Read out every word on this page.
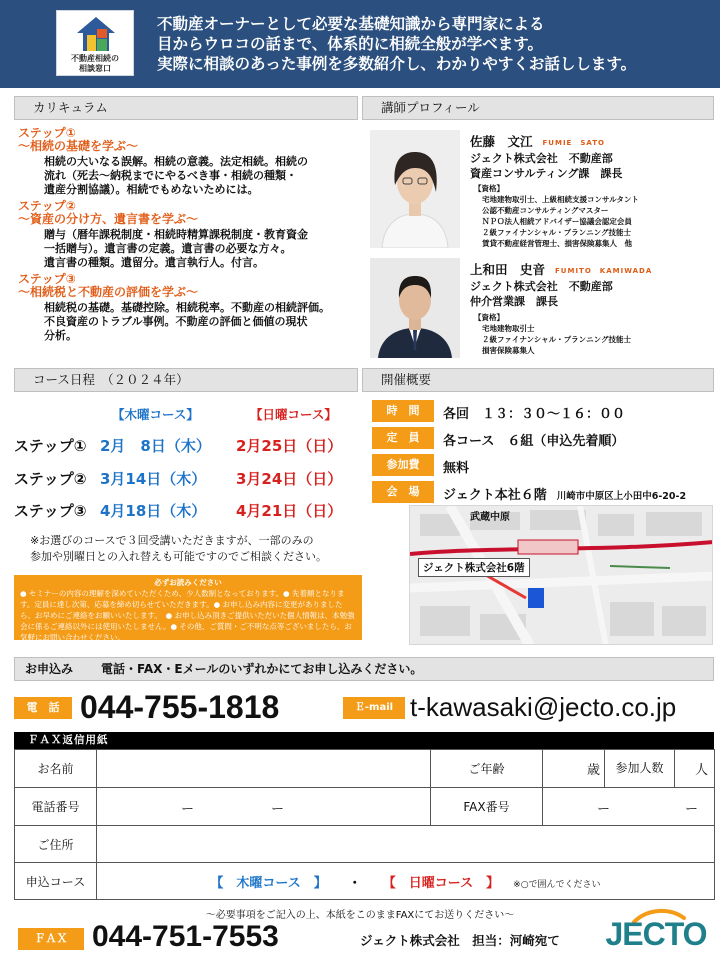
不動産相続の
相談窓口
不動産オーナーとして必要な基礎知識から専門家による
目からウロコの話まで、体系的に相続全般が学べます。
実際に相談のあった事例を多数紹介し、わかりやすくお話しします。
カリキュラム
ステップ①
～相続の基礎を学ぶ～
相続の大いなる誤解。相続の意義。法定相続。相続の
流れ（死去～納税までにやるべき事・相続の種類・
遺産分割協議）。相続でもめないためには。
ステップ②
～資産の分け方、遺言書を学ぶ～
贈与（暦年課税制度・相続時精算課税制度・教育資金
一括贈与）。遺言書の定義。遺言書の必要な方々。
遺言書の種類。遺留分。遺言執行人。付言。
ステップ③
～相続税と不動産の評価を学ぶ～
相続税の基礎。基礎控除。相続税率。不動産の相続評価。
不良資産のトラブル事例。不動産の評価と価値の現状
分析。
講師プロフィール
佐藤　文江 FUMIE　SATO
ジェクト株式会社　不動産部
資産コンサルティング課　課長
【資格】
宅地建物取引士、上級相続支援コンサルタント
公認不動産コンサルティングマスター
ＮＰＯ法人相続アドバイザー協議会認定会員
２級ファイナンシャル・プランニング技能士
賃貸不動産経営管理士、損害保険募集人　他
上和田　史音 FUMITO　KAMIWADA
ジェクト株式会社　不動産部
仲介営業課　課長
【資格】
宅地建物取引士
２級ファイナンシャル・プランニング技能士
損害保険募集人
コース日程　（２０２４年）
【木曜コース】	【日曜コース】
ステップ① 2月　8日（木） 2月25日（日）
ステップ② 3月14日（木） 3月24日（日）
ステップ③ 4月18日（木） 4月21日（日）
※お選びのコースで３回受講いただきますが、一部のみの
参加や別曜日との入れ替えも可能ですのでご相談ください。
必ずお読みください
● セミナーの内容の理解を深めていただくため、少人数制となっております。● 先着順となります。定員に達し次第、応募を締め切らせていただきます。● お申し込み内容に変更がありましたら、お早めにご連絡をお願いいたします。　● お申し込み頂きご提供いただいた個人情報は、本勉強会に係るご連絡以外には使用いたしません。● その他、ご質問・ご不明な点等ございましたら、お気軽にお問い合わせください。
開催概要
時　間	各回　１３：３０～１６：００
定　員	各コース　６組（申込先着順）
参加費	無料
会　場	ジェクト本社６階 川崎市中原区上小田中6-20-2
武蔵中原
ジェクト株式会社6階
お申込み 電話・FAX・Eメールのいずれかにてお申し込みください。
電　話 044-755-1818	Ｅ-mail t-kawasaki@jecto.co.jp
ＦＡＸ返信用紙
お名前		ご年齢	歳	参加人数 人

電話番号	ー ー	FAX番号	ー ー	

ご住所				
申込コース	【　木曜コース　】 ・ 【　日曜コース　】 ※○で囲んでください			
～必要事項をご記入の上、本紙をこのままFAXにてお送りください～
ＦＡＸ 044-751-7553	ジェクト株式会社　担当：河崎宛て JECTO
